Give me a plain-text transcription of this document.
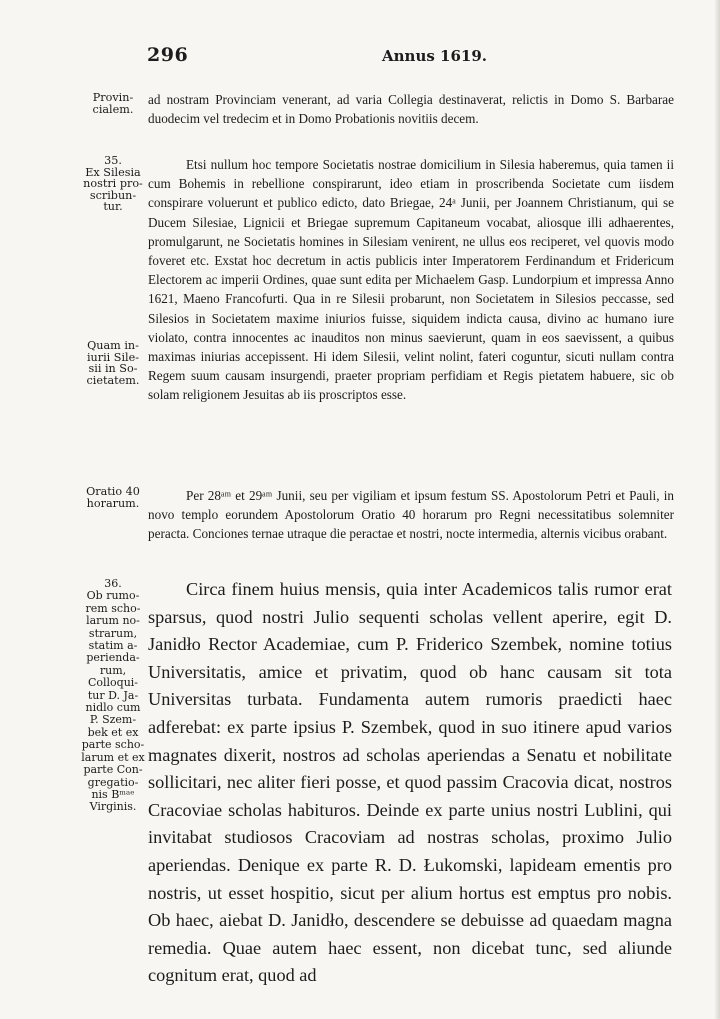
296	Annus 1619.
Provin-
cialem.

ad nostram Provinciam venerant, ad varia Collegia destinaverat, relictis in Domo S. Barbarae duodecim vel tredecim et in Domo Probationis novitiis decem.

35.
Ex Silesia
nostri pro-
scribun-
tur.
Quam in-
iurii Sile-
sii in So-
cietatem.

Etsi nullum hoc tempore Societatis nostrae domicilium in Silesia haberemus, quia tamen ii cum Bohemis in rebellione conspirarunt, ideo etiam in proscribenda Societate cum iisdem conspirare voluerunt et publico edicto, dato Briegae, 24ᵃ Junii, per Joannem Christianum, qui se Ducem Silesiae, Lignicii et Briegae supremum Capitaneum vocabat, aliosque illi adhaerentes, promulgarunt, ne Societatis homines in Silesiam venirent, ne ullus eos reciperet, vel quovis modo foveret etc. Exstat hoc decretum in actis publicis inter Imperatorem Ferdinandum et Fridericum Electorem ac imperii Ordines, quae sunt edita per Michaelem Gasp. Lundorpium et impressa Anno 1621, Maeno Francofurti. Qua in re Silesii probarunt, non Societatem in Silesios peccasse, sed Silesios in Societatem maxime iniurios fuisse, siquidem indicta causa, divino ac humano iure violato, contra innocentes ac inauditos non minus saevierunt, quam in eos saevissent, a quibus maximas iniurias accepissent. Hi idem Silesii, velint nolint, fateri coguntur, sicuti nullam contra Regem suum causam insurgendi, praeter propriam perfidiam et Regis pietatem habuere, sic ob solam religionem Jesuitas ab iis proscriptos esse.

Oratio 40
horarum.	Per 28ᵃᵐ et 29ᵃᵐ Junii, seu per vigiliam et ipsum festum SS. Apostolorum Petri et Pauli, in novo templo eorundem Apostolorum Oratio 40 horarum pro Regni necessitatibus solemniter peracta. Conciones ternae utraque die peractae et nostri, nocte intermedia, alternis vicibus orabant.

36.
Ob rumo-
rem scho-
larum no-
strarum,
statim a-
perienda-
rum,
Colloqui-
tur D. Ja-
nidlo cum
P. Szem-
bek et ex
parte scho-
larum et ex
parte Con-
gregatio-
nis Bᵐᵃᵉ
Virginis.

Circa finem huius mensis, quia inter Academicos talis rumor erat sparsus, quod nostri Julio sequenti scholas vellent aperire, egit D. Janidło Rector Academiae, cum P. Friderico Szembek, nomine totius Universitatis, amice et privatim, quod ob hanc causam sit tota Universitas turbata. Fundamenta autem rumoris praedicti haec adferebat: ex parte ipsius P. Szembek, quod in suo itinere apud varios magnates dixerit, nostros ad scholas aperiendas a Senatu et nobilitate sollicitari, nec aliter fieri posse, et quod passim Cracovia dicat, nostros Cracoviae scholas habituros. Deinde ex parte unius nostri Lublini, qui invitabat studiosos Cracoviam ad nostras scholas, proximo Julio aperiendas. Denique ex parte R. D. Łukomski, lapideam ementis pro nostris, ut esset hospitio, sicut per alium hortus est emptus pro nobis. Ob haec, aiebat D. Janidło, descendere se debuisse ad quaedam magna remedia. Quae autem haec essent, non dicebat tunc, sed aliunde cognitum erat, quod ad
